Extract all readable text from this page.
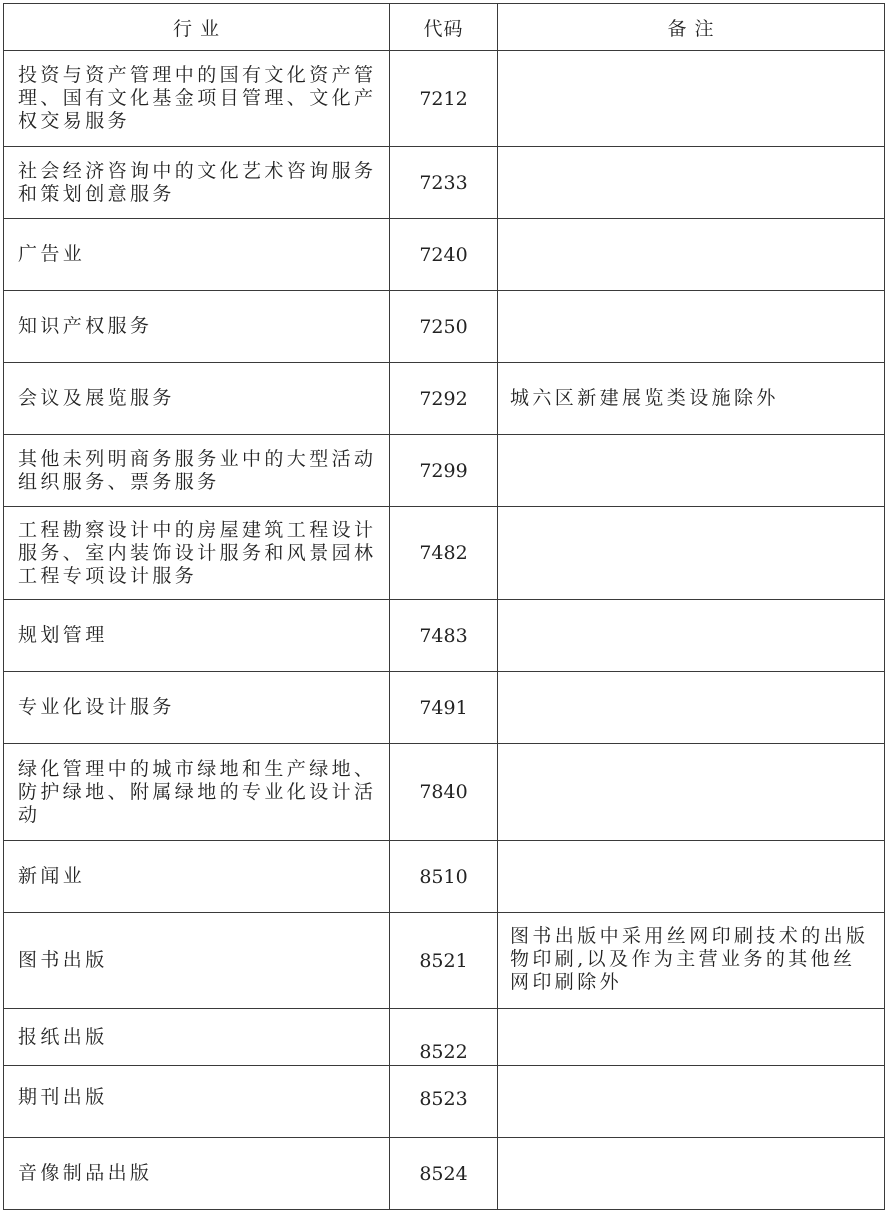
行 业	代码	备 注
投资与资产管理中的国有文化资产管理、国有文化基金项目管理、文化产权交易服务	7212	
社会经济咨询中的文化艺术咨询服务和策划创意服务	7233	
广告业	7240	
知识产权服务	7250	
会议及展览服务	7292	城六区新建展览类设施除外
其他未列明商务服务业中的大型活动组织服务、票务服务	7299	
工程勘察设计中的房屋建筑工程设计服务、室内装饰设计服务和风景园林工程专项设计服务	7482	
规划管理	7483	
专业化设计服务	7491	
绿化管理中的城市绿地和生产绿地、防护绿地、附属绿地的专业化设计活动	7840	
新闻业	8510	
图书出版	8521	图书出版中采用丝网印刷技术的出版物印刷,以及作为主营业务的其他丝网印刷除外
报纸出版	8522	
期刊出版	8523	
音像制品出版	8524	
